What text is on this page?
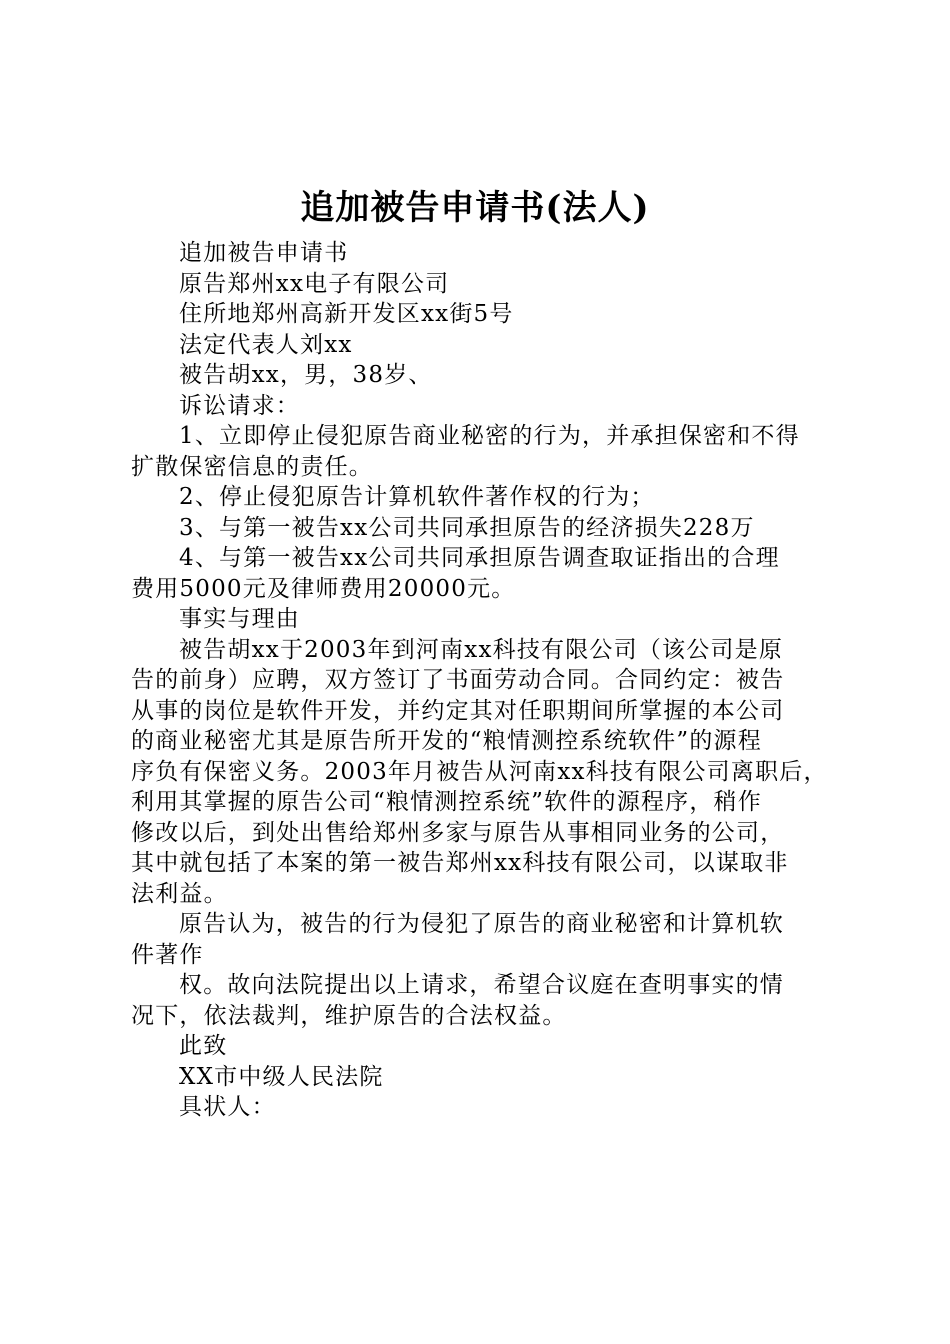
追加被告申请书(法人)

追加被告申请书

原告郑州xx电子有限公司

住所地郑州高新开发区xx街5号

法定代表人刘xx

被告胡xx，男，38岁、

诉讼请求：

1、立即停止侵犯原告商业秘密的行为，并承担保密和不得

扩散保密信息的责任。

2、停止侵犯原告计算机软件著作权的行为；

3、与第一被告xx公司共同承担原告的经济损失228万

4、与第一被告xx公司共同承担原告调查取证指出的合理

费用5000元及律师费用20000元。

事实与理由

被告胡xx于2003年到河南xx科技有限公司（该公司是原

告的前身）应聘，双方签订了书面劳动合同。合同约定：被告

从事的岗位是软件开发，并约定其对任职期间所掌握的本公司

的商业秘密尤其是原告所开发的“粮情测控系统软件”的源程

序负有保密义务。2003年月被告从河南xx科技有限公司离职后，

利用其掌握的原告公司“粮情测控系统”软件的源程序，稍作

修改以后，到处出售给郑州多家与原告从事相同业务的公司，

其中就包括了本案的第一被告郑州xx科技有限公司，以谋取非

法利益。

原告认为，被告的行为侵犯了原告的商业秘密和计算机软

件著作

权。故向法院提出以上请求，希望合议庭在查明事实的情

况下，依法裁判，维护原告的合法权益。

此致

XX市中级人民法院

具状人：
